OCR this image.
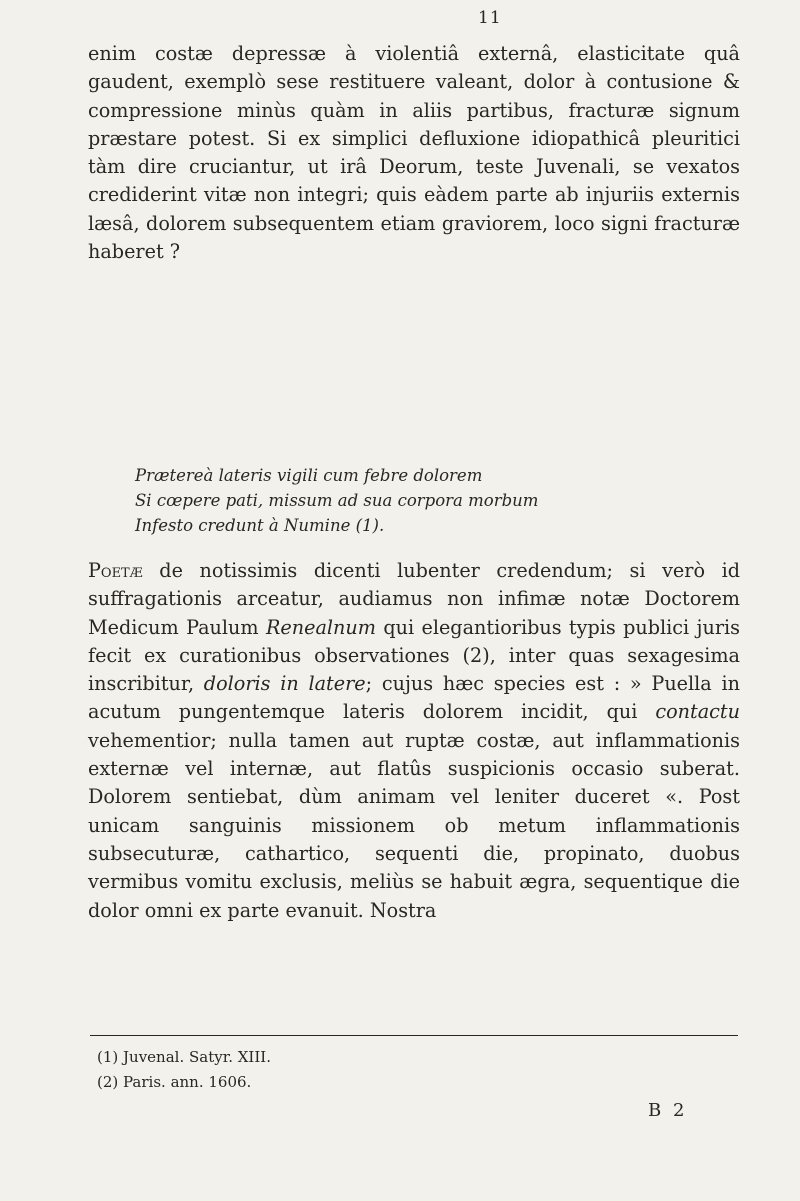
11

enim costæ depressæ à violentiâ externâ, elasticitate quâ gaudent, exemplò sese restituere valeant, dolor à contusione & compressione minùs quàm in aliis partibus, fracturæ signum præstare potest. Si ex simplici defluxione idiopathicâ pleuritici tàm dire cruciantur, ut irâ Deorum, teste Juvenali, se vexatos crediderint vitæ non integri; quis eàdem parte ab injuriis externis læsâ, dolorem subsequentem etiam graviorem, loco signi fracturæ haberet ?

Prætereà lateris vigili cum febre dolorem
Si cœpere pati, missum ad sua corpora morbum
Infesto credunt à Numine (1).

Poetæ de notissimis dicenti lubenter credendum; si verò id suffragationis arceatur, audiamus non infimæ notæ Doctorem Medicum Paulum Renealnum qui elegantioribus typis publici juris fecit ex curationibus observationes (2), inter quas sexagesima inscribitur, doloris in latere; cujus hæc species est : » Puella in acutum pungentemque lateris dolorem incidit, qui contactu vehementior; nulla tamen aut ruptæ costæ, aut inflammationis externæ vel internæ, aut flatûs suspicionis occasio suberat. Dolorem sentiebat, dùm animam vel leniter duceret «. Post unicam sanguinis missionem ob metum inflammationis subsecuturæ, cathartico, sequenti die, propinato, duobus vermibus vomitu exclusis, meliùs se habuit ægra, sequentique die dolor omni ex parte evanuit. Nostra

(1) Juvenal. Satyr. XIII.
(2) Paris. ann. 1606.
B 2
